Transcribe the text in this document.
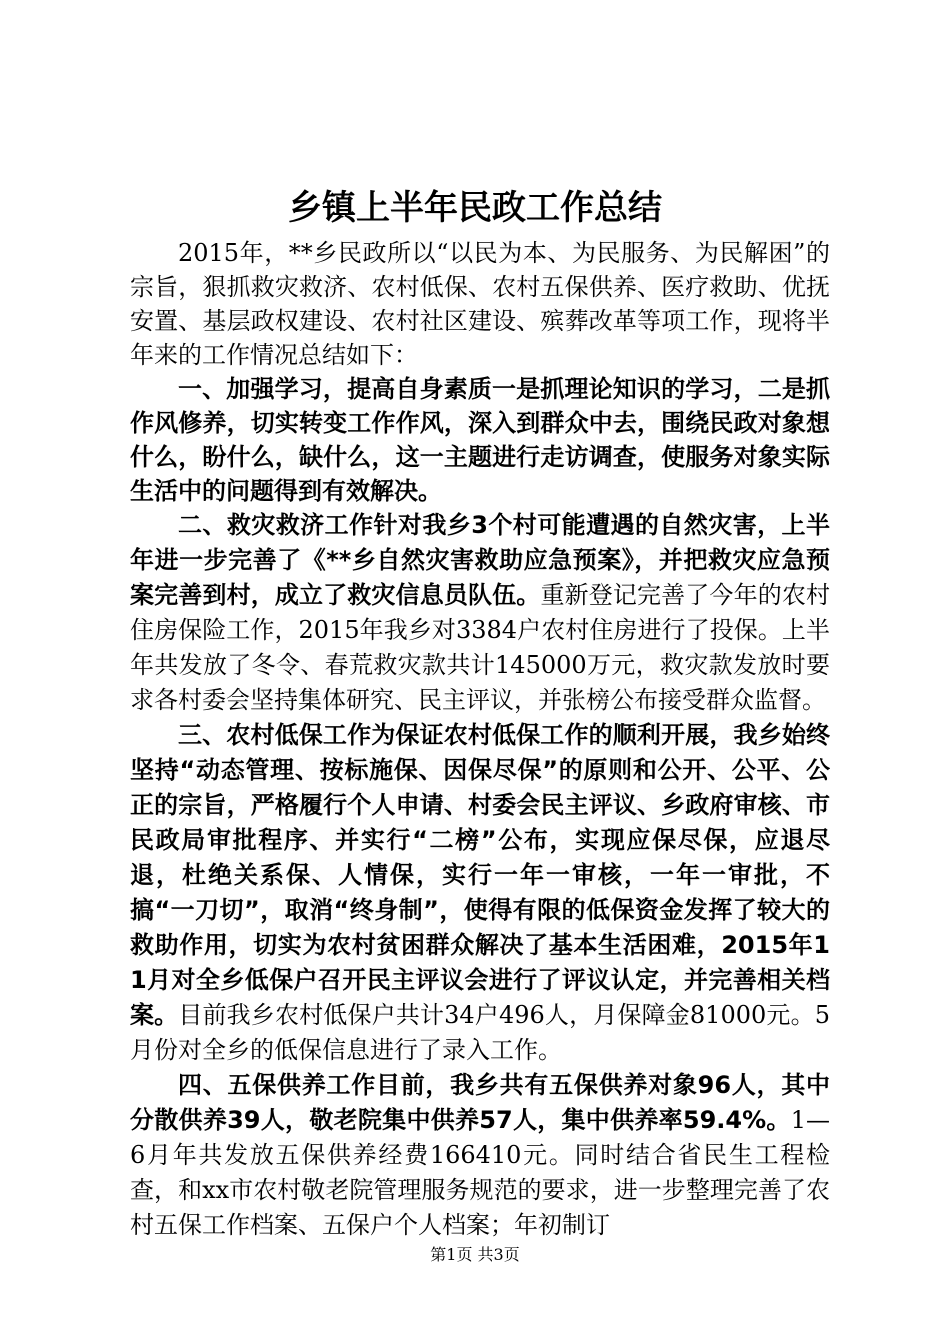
乡镇上半年民政工作总结

2015年，**乡民政所以“以民为本、为民服务、为民解困”的宗旨，狠抓救灾救济、农村低保、农村五保供养、医疗救助、优抚安置、基层政权建设、农村社区建设、殡葬改革等项工作，现将半年来的工作情况总结如下：

一、加强学习，提高自身素质一是抓理论知识的学习，二是抓作风修养，切实转变工作作风，深入到群众中去，围绕民政对象想什么，盼什么，缺什么，这一主题进行走访调查，使服务对象实际生活中的问题得到有效解决。

二、救灾救济工作针对我乡3个村可能遭遇的自然灾害，上半年进一步完善了《**乡自然灾害救助应急预案》，并把救灾应急预案完善到村，成立了救灾信息员队伍。重新登记完善了今年的农村住房保险工作，2015年我乡对3384户农村住房进行了投保。上半年共发放了冬令、春荒救灾款共计145000万元，救灾款发放时要求各村委会坚持集体研究、民主评议，并张榜公布接受群众监督。

三、农村低保工作为保证农村低保工作的顺利开展，我乡始终坚持“动态管理、按标施保、因保尽保”的原则和公开、公平、公正的宗旨，严格履行个人申请、村委会民主评议、乡政府审核、市民政局审批程序、并实行“二榜”公布，实现应保尽保，应退尽退，杜绝关系保、人情保，实行一年一审核，一年一审批，不搞“一刀切”，取消“终身制”，使得有限的低保资金发挥了较大的救助作用，切实为农村贫困群众解决了基本生活困难，2015年11月对全乡低保户召开民主评议会进行了评议认定，并完善相关档案。目前我乡农村低保户共计34户496人，月保障金81000元。5月份对全乡的低保信息进行了录入工作。

四、五保供养工作目前，我乡共有五保供养对象96人，其中分散供养39人，敬老院集中供养57人，集中供养率59.4%。1—6月年共发放五保供养经费166410元。同时结合省民生工程检查，和xx市农村敬老院管理服务规范的要求，进一步整理完善了农村五保工作档案、五保户个人档案；年初制订

第1页 共3页
